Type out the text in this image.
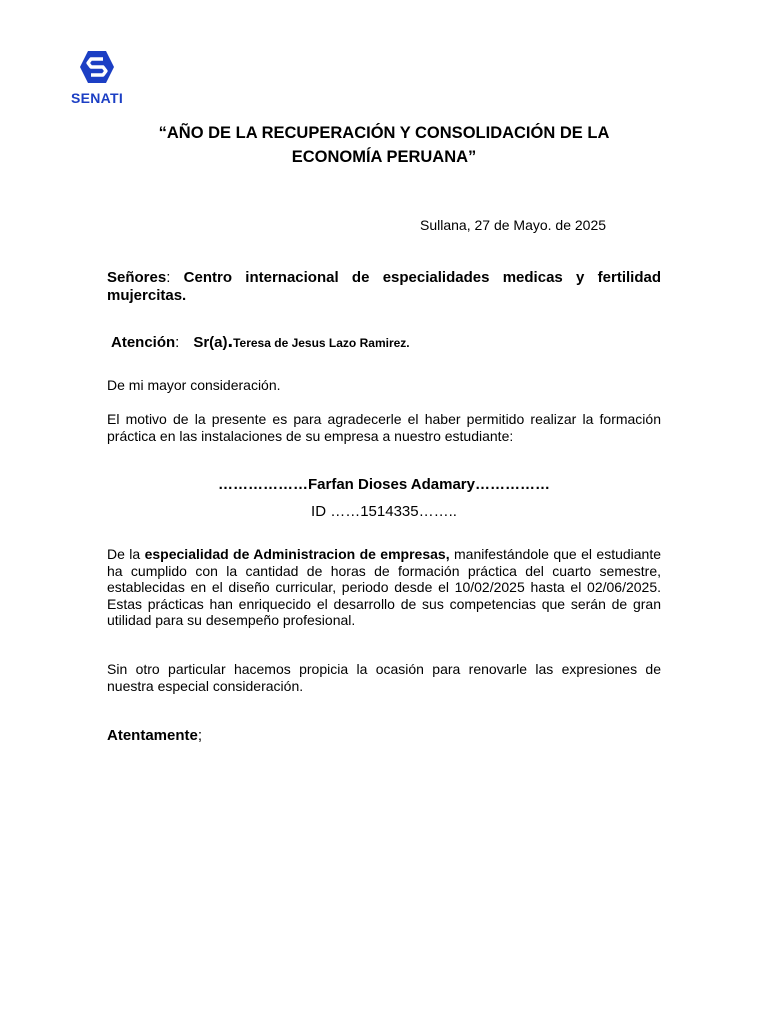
SENATI
“AÑO DE LA RECUPERACIÓN Y CONSOLIDACIÓN DE LA
ECONOMÍA PERUANA”
Sullana, 27 de Mayo. de 2025
Señores: Centro internacional de especialidades medicas y fertilidad mujercitas.
Atención: Sr(a).Teresa de Jesus Lazo Ramirez.
De mi mayor consideración.
El motivo de la presente es para agradecerle el haber permitido realizar la formación práctica en las instalaciones de su empresa a nuestro estudiante:
………………Farfan Dioses Adamary……………
ID ……1514335……..
De la especialidad de Administracion de empresas, manifestándole que el estudiante ha cumplido con la cantidad de horas de formación práctica del cuarto semestre, establecidas en el diseño curricular, periodo desde el 10/02/2025 hasta el 02/06/2025. Estas prácticas han enriquecido el desarrollo de sus competencias que serán de gran utilidad para su desempeño profesional.
Sin otro particular hacemos propicia la ocasión para renovarle las expresiones de nuestra especial consideración.
Atentamente;
